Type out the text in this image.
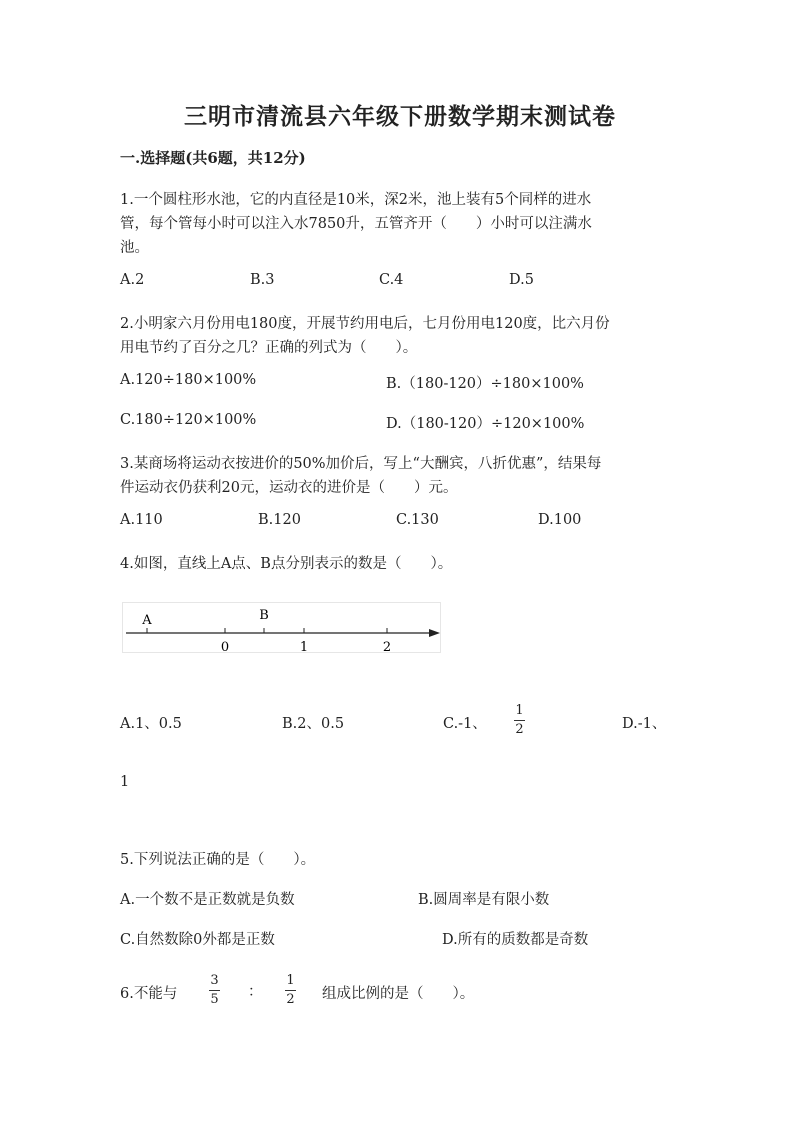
三明市清流县六年级下册数学期末测试卷
一.选择题(共6题，共12分)
1.一个圆柱形水池，它的内直径是10米，深2米，池上装有5个同样的进水
管，每个管每小时可以注入水7850升，五管齐开（　　）小时可以注满水
池。
A.2	B.3	C.4	D.5
2.小明家六月份用电180度，开展节约用电后，七月份用电120度，比六月份
用电节约了百分之几？正确的列式为（　　）。
A.120÷180×100%	B.（180-120）÷180×100%
C.180÷120×100%	D.（180-120）÷120×100%
3.某商场将运动衣按进价的50%加价后，写上“大酬宾，八折优惠”，结果每
件运动衣仍获利20元，运动衣的进价是（　　）元。
A.110	B.120	C.130	D.100
4.如图，直线上A点、B点分别表示的数是（　　）。
A	B
0	1	2
A.1、0.5	B.2、0.5	C.-1、
1
2	D.-1、
1
5.下列说法正确的是（　　）。
A.一个数不是正数就是负数	B.圆周率是有限小数
C.自然数除0外都是正数	D.所有的质数都是奇数
6.不能与
3
5 ：
1
2 组成比例的是（　　）。
